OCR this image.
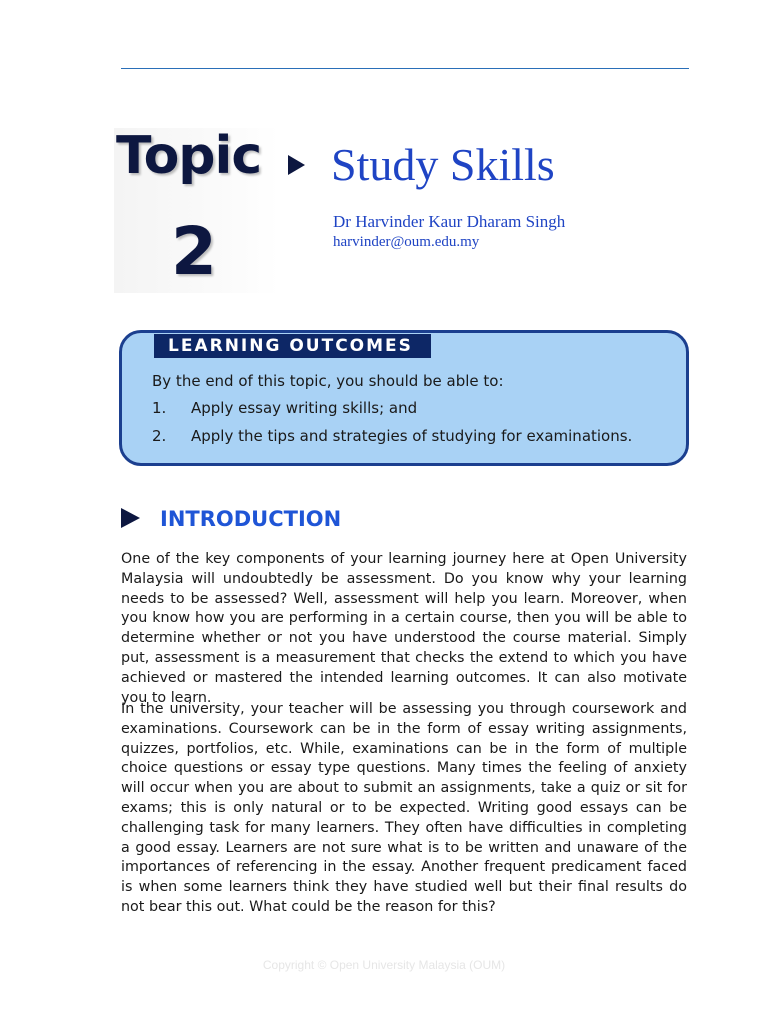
Topic
2
Study Skills
Dr Harvinder Kaur Dharam Singh
harvinder@oum.edu.my
LEARNING OUTCOMES
By the end of this topic, you should be able to:
1. Apply essay writing skills; and
2. Apply the tips and strategies of studying for examinations.
INTRODUCTION

One of the key components of your learning journey here at Open University Malaysia will undoubtedly be assessment. Do you know why your learning needs to be assessed? Well, assessment will help you learn. Moreover, when you know how you are performing in a certain course, then you will be able to determine whether or not you have understood the course material. Simply put, assessment is a measurement that checks the extend to which you have achieved or mastered the intended learning outcomes. It can also motivate you to learn.

In the university, your teacher will be assessing you through coursework and examinations. Coursework can be in the form of essay writing assignments, quizzes, portfolios, etc. While, examinations can be in the form of multiple choice questions or essay type questions. Many times the feeling of anxiety will occur when you are about to submit an assignments, take a quiz or sit for exams; this is only natural or to be expected. Writing good essays can be challenging task for many learners. They often have difficulties in completing a good essay. Learners are not sure what is to be written and unaware of the importances of referencing in the essay. Another frequent predicament faced is when some learners think they have studied well but their final results do not bear this out. What could be the reason for this?

Copyright © Open University Malaysia (OUM)
